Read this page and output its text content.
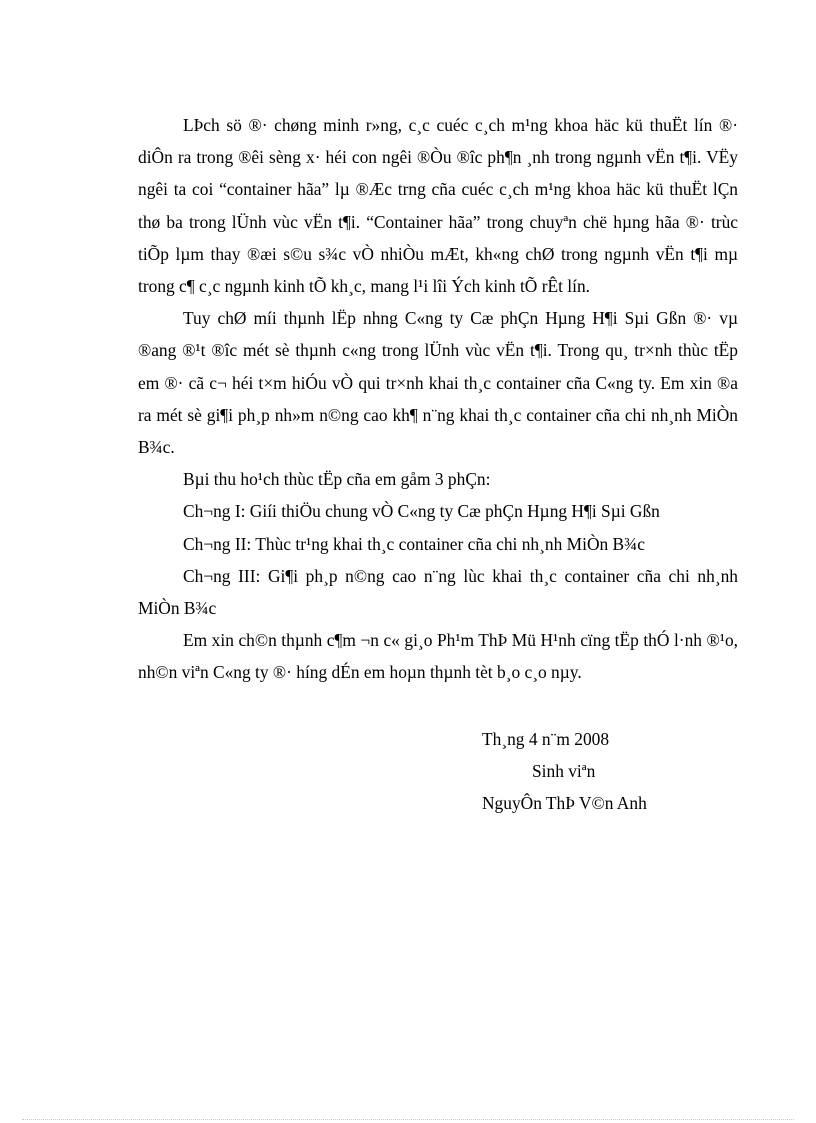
LÞch sö ®· chøng minh r»ng, c¸c cuéc c¸ch m¹ng khoa häc kü thuËt lín ®· diÔn ra trong ®êi sèng x· héi con ngêi ®Òu ®îc ph¶n ¸nh trong ngµnh vËn t¶i. VËy ngêi ta coi “container hãa” lµ ®Æc trng cña cuéc c¸ch m¹ng khoa häc kü thuËt lÇn thø ba trong lÜnh vùc vËn t¶i. “Container hãa” trong chuyªn chë hµng hãa ®· trùc tiÕp lµm thay ®æi s©u s¾c vÒ nhiÒu mÆt, kh«ng chØ trong ngµnh vËn t¶i mµ trong c¶ c¸c ngµnh kinh tÕ kh¸c, mang l¹i lîi Ých kinh tÕ rÊt lín.

Tuy chØ míi thµnh lËp nhng C«ng ty Cæ phÇn Hµng H¶i Sµi Gßn ®· vµ ®ang ®¹t ®îc mét sè thµnh c«ng trong lÜnh vùc vËn t¶i. Trong qu¸ tr×nh thùc tËp em ®· cã c¬ héi t×m hiÓu vÒ qui tr×nh khai th¸c container cña C«ng ty. Em xin ®a ra mét sè gi¶i ph¸p nh»m n©ng cao kh¶ n¨ng khai th¸c container cña chi nh¸nh MiÒn B¾c.

Bµi thu ho¹ch thùc tËp cña em gåm 3 phÇn:

Ch¬ng I: Giíi thiÖu chung vÒ C«ng ty Cæ phÇn Hµng H¶i Sµi Gßn

Ch¬ng II: Thùc tr¹ng khai th¸c container cña chi nh¸nh MiÒn B¾c

Ch¬ng III: Gi¶i ph¸p n©ng cao n¨ng lùc khai th¸c container cña chi nh¸nh MiÒn B¾c

Em xin ch©n thµnh c¶m ¬n c« gi¸o Ph¹m ThÞ Mü H¹nh cïng tËp thÓ l·nh ®¹o, nh©n viªn C«ng ty ®· híng dÉn em hoµn thµnh tèt b¸o c¸o nµy.

Th¸ng 4 n¨m 2008

Sinh viªn

NguyÔn ThÞ V©n Anh
